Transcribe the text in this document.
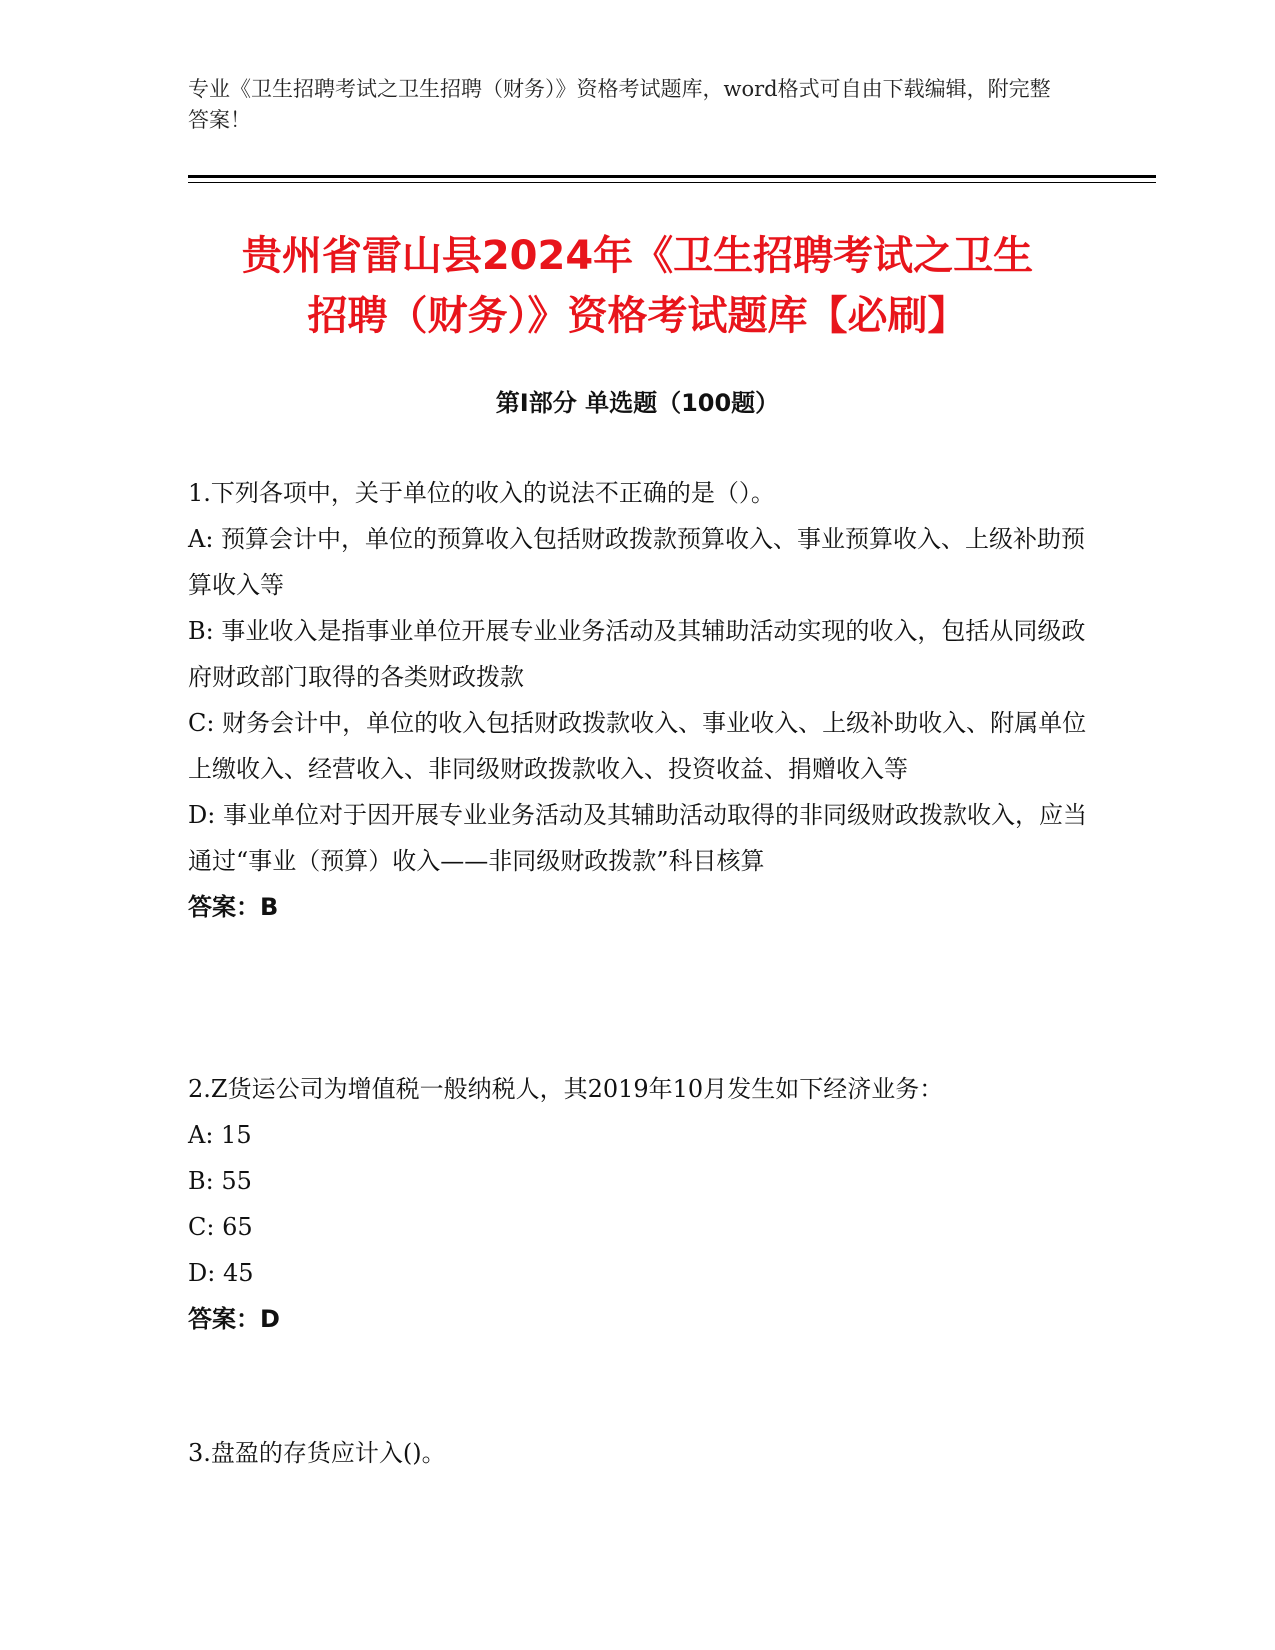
专业《卫生招聘考试之卫生招聘（财务）》资格考试题库，word格式可自由下载编辑，附完整答案！
贵州省雷山县2024年《卫生招聘考试之卫生
招聘（财务）》资格考试题库【必刷】
第Ⅰ部分 单选题（100题）
1.下列各项中，关于单位的收入的说法不正确的是（）。
A: 预算会计中，单位的预算收入包括财政拨款预算收入、事业预算收入、上级补助预算收入等
B: 事业收入是指事业单位开展专业业务活动及其辅助活动实现的收入，包括从同级政府财政部门取得的各类财政拨款
C: 财务会计中，单位的收入包括财政拨款收入、事业收入、上级补助收入、附属单位上缴收入、经营收入、非同级财政拨款收入、投资收益、捐赠收入等
D: 事业单位对于因开展专业业务活动及其辅助活动取得的非同级财政拨款收入，应当通过“事业（预算）收入——非同级财政拨款”科目核算
答案：B
2.Z货运公司为增值税一般纳税人，其2019年10月发生如下经济业务：
A: 15
B: 55
C: 65
D: 45
答案：D
3.盘盈的存货应计入()。
